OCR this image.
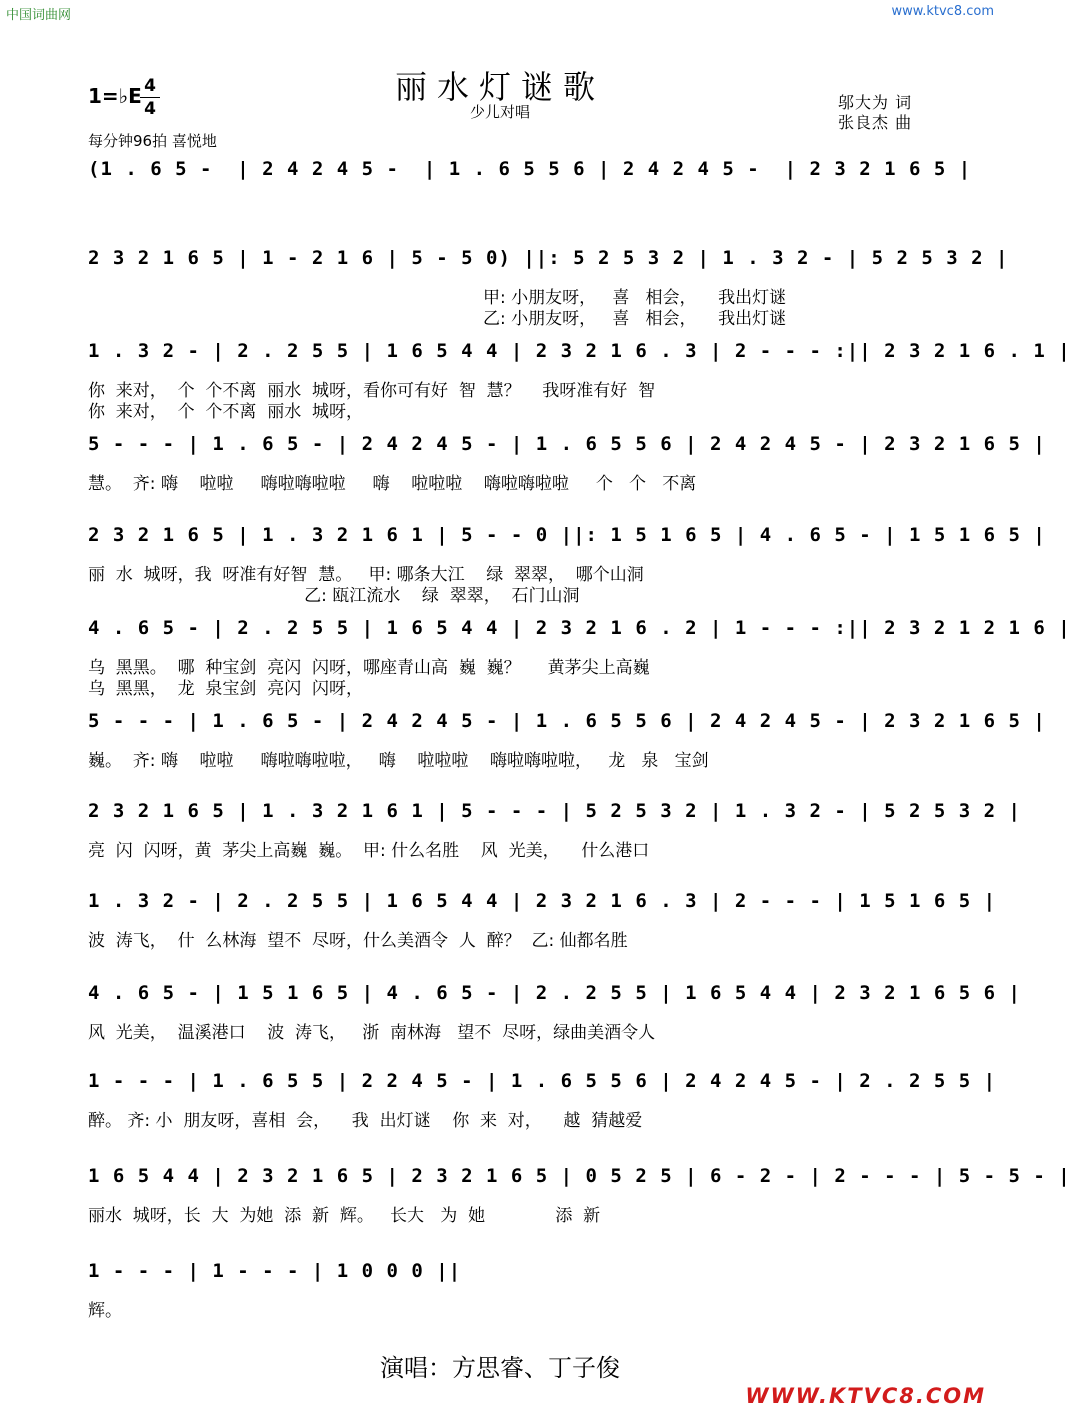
中国词曲网	www.ktvc8.com
丽水灯谜歌
少儿对唱
1=♭E 4
4
每分钟96拍 喜悦地
邬大为 词
张良杰 曲
(1 . 6 5 -  | 2 4 2 4 5 -  | 1 . 6 5 5 6 | 2 4 2 4 5 -  | 2 3 2 1 6 5 |
2 3 2 1 6 5 | 1 - 2 1 6 | 5 - 5 0) ||: 5 2 5 3 2 | 1 . 3 2 - | 5 2 5 3 2 |
甲: 小朋友呀，   喜   相会，    我出灯谜
乙: 小朋友呀，   喜   相会，    我出灯谜
1 . 3 2 - | 2 . 2 5 5 | 1 6 5 4 4 | 2 3 2 1 6 . 3 | 2 - - - :|| 2 3 2 1 6 . 1 |
你  来对，  个  个不离  丽水  城呀，看你可有好  智  慧？    我呀准有好  智
你  来对，  个  个不离  丽水  城呀，
5 - - - | 1 . 6 5 - | 2 4 2 4 5 - | 1 . 6 5 5 6 | 2 4 2 4 5 - | 2 3 2 1 6 5 |
慧。  齐: 嗨    啦啦     嗨啦嗨啦啦     嗨    啦啦啦    嗨啦嗨啦啦     个   个   不离
2 3 2 1 6 5 | 1 . 3 2 1 6 1 | 5 - - 0 ||: 1 5 1 6 5 | 4 . 6 5 - | 1 5 1 6 5 |
丽  水  城呀，我  呀准有好智  慧。   甲: 哪条大江    绿  翠翠，  哪个山洞
乙: 瓯江流水    绿  翠翠，  石门山洞
4 . 6 5 - | 2 . 2 5 5 | 1 6 5 4 4 | 2 3 2 1 6 . 2 | 1 - - - :|| 2 3 2 1 2 1 6 |
乌  黑黑。  哪  种宝剑  亮闪  闪呀，哪座青山高  巍  巍？     黄茅尖上高巍
乌  黑黑，  龙  泉宝剑  亮闪  闪呀，
5 - - - | 1 . 6 5 - | 2 4 2 4 5 - | 1 . 6 5 5 6 | 2 4 2 4 5 - | 2 3 2 1 6 5 |
巍。  齐: 嗨    啦啦     嗨啦嗨啦啦，   嗨    啦啦啦    嗨啦嗨啦啦，   龙   泉   宝剑
2 3 2 1 6 5 | 1 . 3 2 1 6 1 | 5 - - - | 5 2 5 3 2 | 1 . 3 2 - | 5 2 5 3 2 |
亮  闪  闪呀，黄  茅尖上高巍  巍。  甲: 什么名胜    风  光美，    什么港口
1 . 3 2 - | 2 . 2 5 5 | 1 6 5 4 4 | 2 3 2 1 6 . 3 | 2 - - - | 1 5 1 6 5 |
波  涛飞，  什  么林海  望不  尽呀，什么美酒令  人  醉？  乙: 仙都名胜
4 . 6 5 - | 1 5 1 6 5 | 4 . 6 5 - | 2 . 2 5 5 | 1 6 5 4 4 | 2 3 2 1 6 5 6 |
风  光美，  温溪港口    波  涛飞，   浙  南林海   望不  尽呀，绿曲美酒令人
1 - - - | 1 . 6 5 5 | 2 2 4 5 - | 1 . 6 5 5 6 | 2 4 2 4 5 - | 2 . 2 5 5 |
醉。 齐: 小  朋友呀，喜相  会，    我  出灯谜    你  来  对，    越  猜越爱
1 6 5 4 4 | 2 3 2 1 6 5 | 2 3 2 1 6 5 | 0 5 2 5 | 6 - 2 - | 2 - - - | 5 - 5 - |
丽水  城呀，长  大  为她  添  新  辉。   长大   为  她             添  新
1 - - - | 1 - - - | 1 0 0 0 ||
辉。
演唱：方思睿、丁子俊
WWW.KTVC8.COM
